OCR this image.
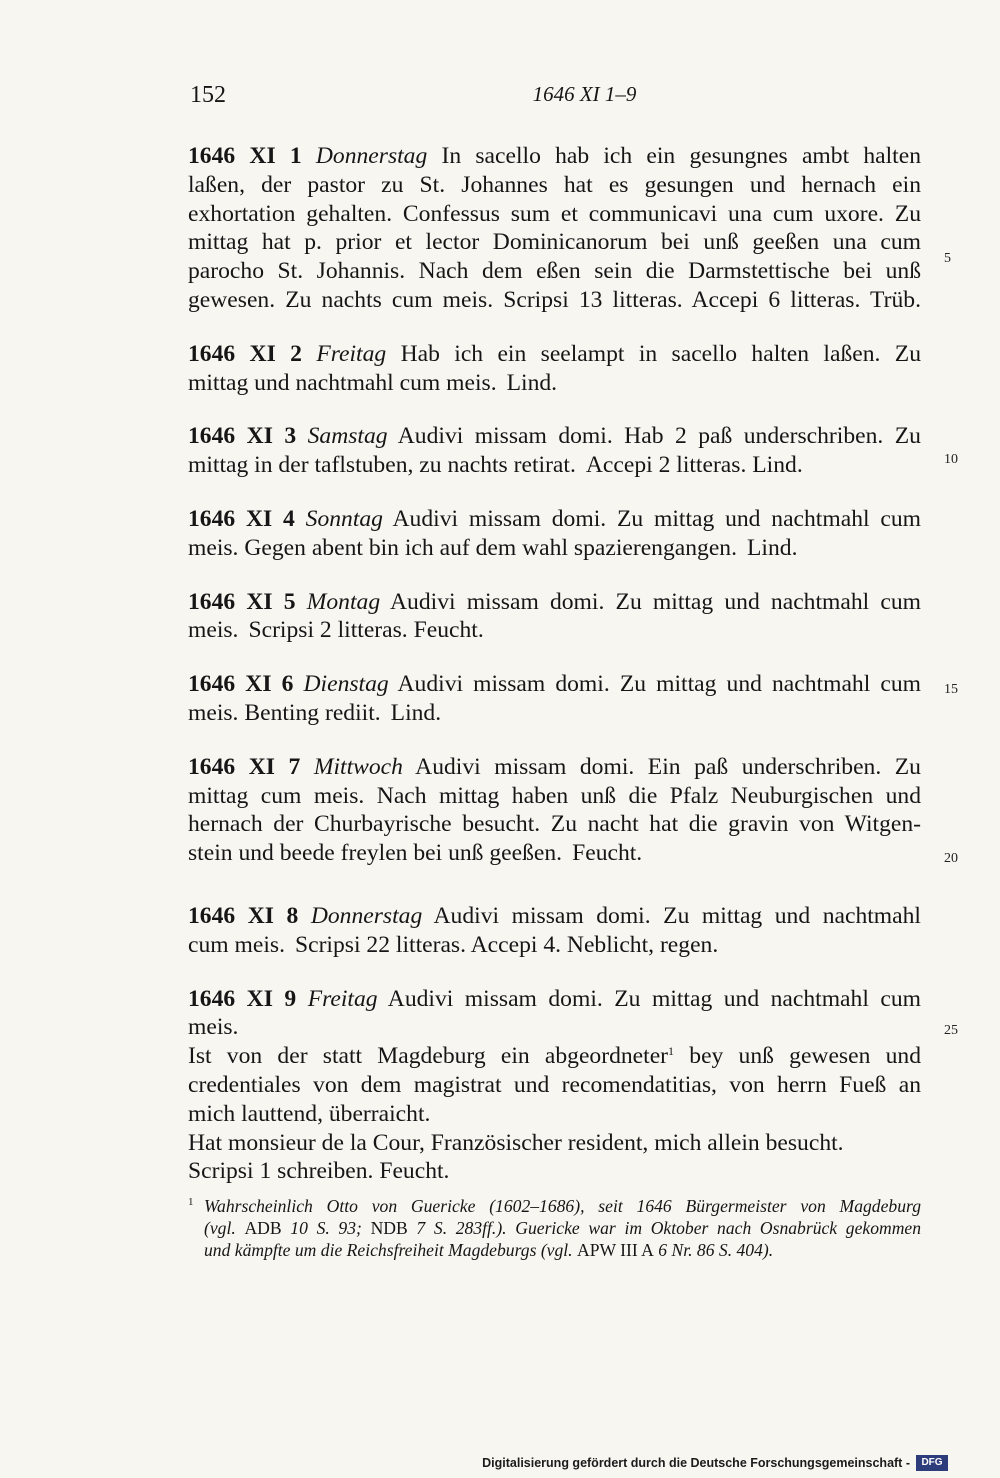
152	1646 XI 1–9
1646 XI 1 Donnerstag In sacello hab ich ein gesungnes ambt halten
laßen, der pastor zu St. Johannes hat es gesungen und hernach ein
exhortation gehalten. Confessus sum et communicavi una cum uxore. Zu
mittag hat p. prior et lector Dominicanorum bei unß geeßen una cum
parocho St. Johannis. Nach dem eßen sein die Darmstettische bei unß
gewesen. Zu nachts cum meis. Scripsi 13 litteras. Accepi 6 litteras. Trüb.
1646 XI 2 Freitag Hab ich ein seelampt in sacello halten laßen. Zu
mittag und nachtmahl cum meis. Lind.
1646 XI 3 Samstag Audivi missam domi. Hab 2 paß underschriben. Zu
mittag in der taflstuben, zu nachts retirat. Accepi 2 litteras. Lind.
1646 XI 4 Sonntag Audivi missam domi. Zu mittag und nachtmahl cum
meis. Gegen abent bin ich auf dem wahl spazierengangen. Lind.
1646 XI 5 Montag Audivi missam domi. Zu mittag und nachtmahl cum
meis. Scripsi 2 litteras. Feucht.
1646 XI 6 Dienstag Audivi missam domi. Zu mittag und nachtmahl cum
meis. Benting rediit. Lind.
1646 XI 7 Mittwoch Audivi missam domi. Ein paß underschriben. Zu
mittag cum meis. Nach mittag haben unß die Pfalz Neuburgischen und
hernach der Churbayrische besucht. Zu nacht hat die gravin von Witgen-
stein und beede freylen bei unß geeßen. Feucht.
1646 XI 8 Donnerstag Audivi missam domi. Zu mittag und nachtmahl
cum meis. Scripsi 22 litteras. Accepi 4. Neblicht, regen.
1646 XI 9 Freitag Audivi missam domi. Zu mittag und nachtmahl cum
meis.
Ist von der statt Magdeburg ein abgeordneter$^1$ bey unß gewesen und
credentiales von dem magistrat und recomendatitias, von herrn Fueß an
mich lauttend, überraicht.
Hat monsieur de la Cour, Französischer resident, mich allein besucht.
Scripsi 1 schreiben. Feucht.
5
10
15
20
25
1 Wahrscheinlich Otto von Guericke (1602–1686), seit 1646 Bürgermeister von Magdeburg
(vgl. ADB 10 S. 93; NDB 7 S. 283ff.). Guericke war im Oktober nach Osnabrück gekommen
und kämpfte um die Reichsfreiheit Magdeburgs (vgl. APW III A 6 Nr. 86 S. 404).
Digitalisierung gefördert durch die Deutsche Forschungsgemeinschaft -	DFG
